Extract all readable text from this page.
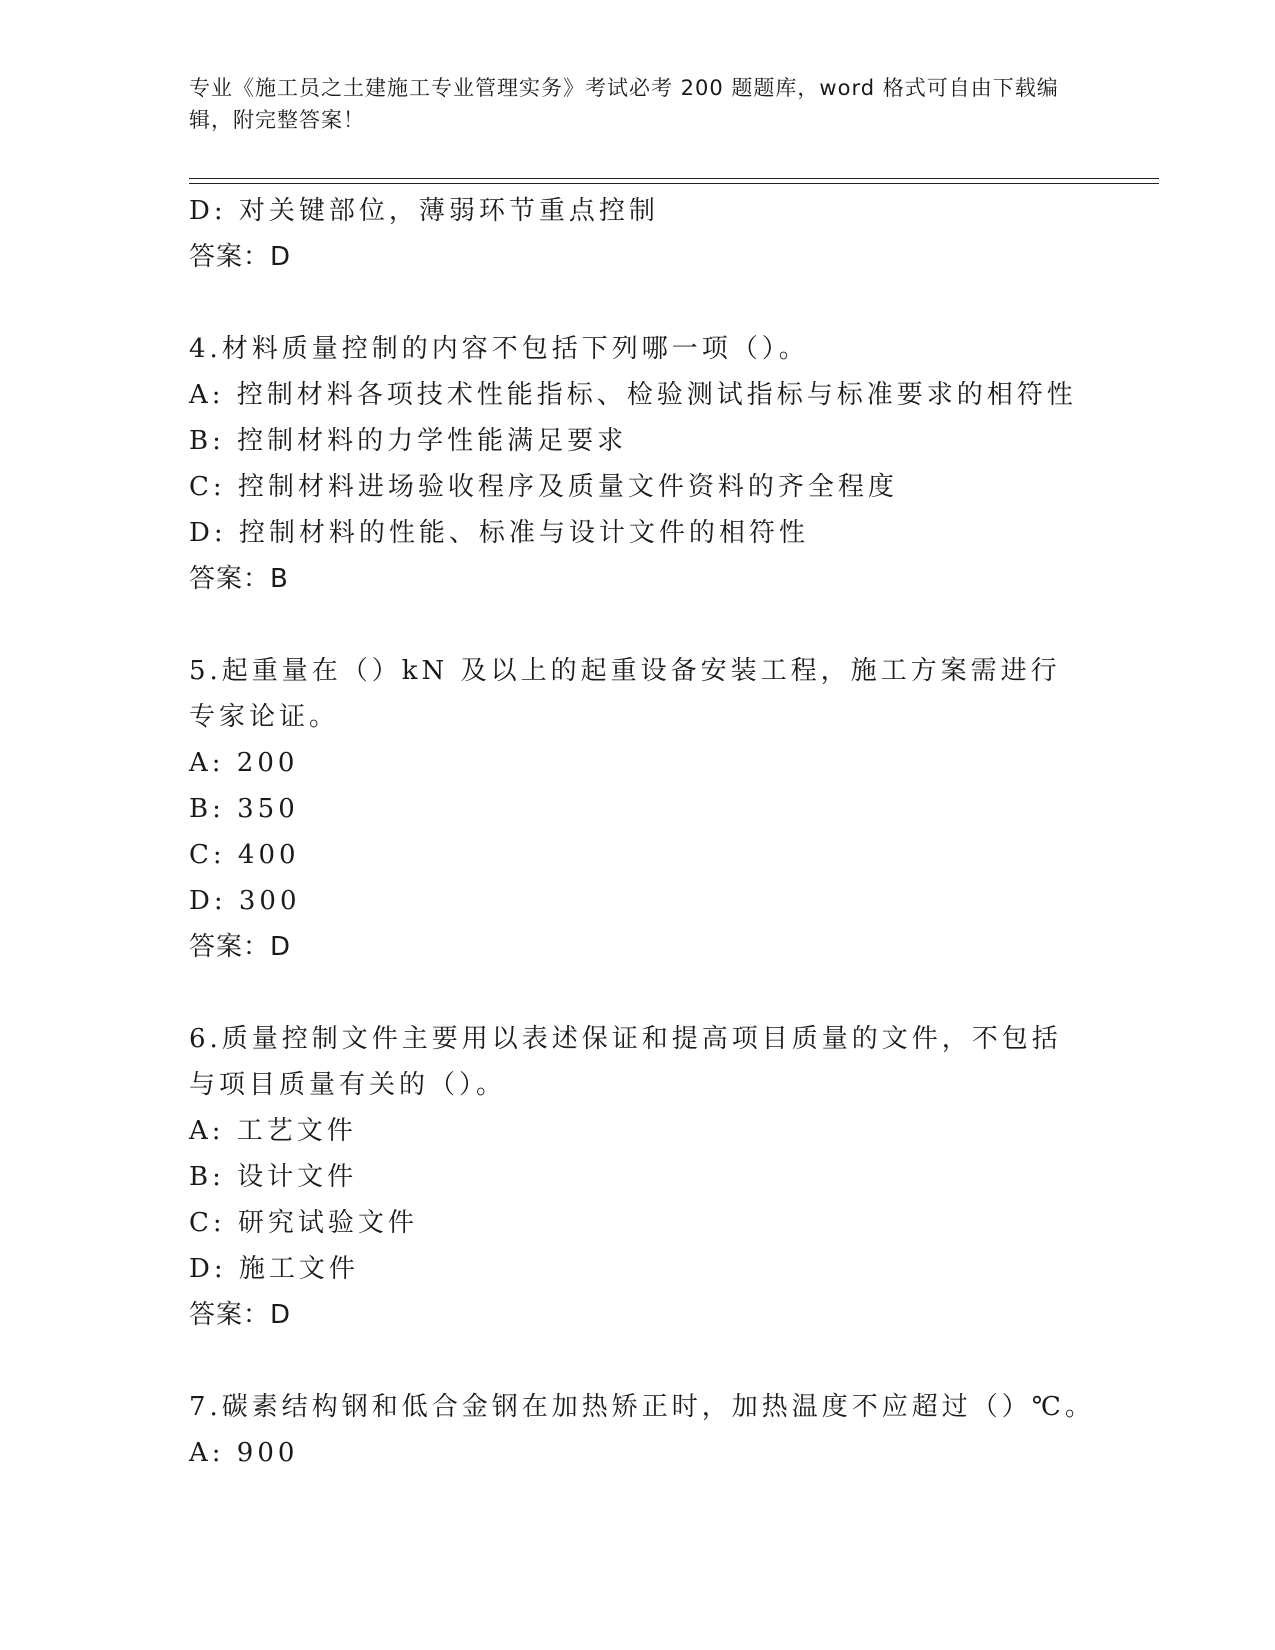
专业《施工员之土建施工专业管理实务》考试必考 200 题题库，word 格式可自由下载编辑，附完整答案！
D: 对关键部位，薄弱环节重点控制
答案：D
4.材料质量控制的内容不包括下列哪一项（）。
A: 控制材料各项技术性能指标、检验测试指标与标准要求的相符性
B: 控制材料的力学性能满足要求
C: 控制材料进场验收程序及质量文件资料的齐全程度
D: 控制材料的性能、标准与设计文件的相符性
答案：B
5.起重量在（）kN 及以上的起重设备安装工程，施工方案需进行专家论证。
A: 200
B: 350
C: 400
D: 300
答案：D
6.质量控制文件主要用以表述保证和提高项目质量的文件，不包括与项目质量有关的（）。
A: 工艺文件
B: 设计文件
C: 研究试验文件
D: 施工文件
答案：D
7.碳素结构钢和低合金钢在加热矫正时，加热温度不应超过（）℃。
A: 900
